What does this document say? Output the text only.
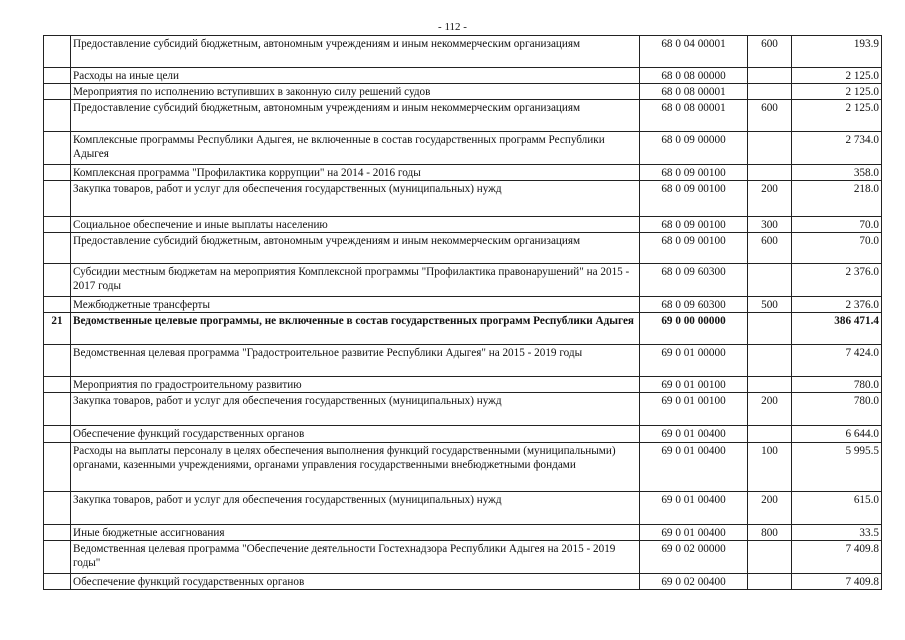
- 112 -
	Предоставление субсидий бюджетным, автономным учреждениям и иным некоммерческим организациям	68 0 04 00001	600	193.9
	Расходы на иные цели	68 0 08 00000		2 125.0
	Мероприятия по исполнению вступивших в законную силу решений судов	68 0 08 00001		2 125.0
	Предоставление субсидий бюджетным, автономным учреждениям и иным некоммерческим организациям	68 0 08 00001	600	2 125.0
	Комплексные программы Республики Адыгея, не включенные в состав государственных программ Республики Адыгея	68 0 09 00000		2 734.0
	Комплексная программа "Профилактика коррупции" на 2014 - 2016 годы	68 0 09 00100		358.0
	Закупка товаров, работ и услуг для обеспечения государственных (муниципальных) нужд	68 0 09 00100	200	218.0
	Социальное обеспечение и иные выплаты населению	68 0 09 00100	300	70.0
	Предоставление субсидий бюджетным, автономным учреждениям и иным некоммерческим организациям	68 0 09 00100	600	70.0
	Субсидии местным бюджетам на мероприятия Комплексной программы "Профилактика правонарушений" на 2015 - 2017 годы	68 0 09 60300		2 376.0
	Межбюджетные трансферты	68 0 09 60300	500	2 376.0
21	Ведомственные целевые программы, не включенные в состав государственных программ Республики Адыгея	69 0 00 00000		386 471.4
	Ведомственная целевая программа "Градостроительное развитие Республики Адыгея" на 2015 - 2019 годы	69 0 01 00000		7 424.0
	Мероприятия по градостроительному развитию	69 0 01 00100		780.0
	Закупка товаров, работ и услуг для обеспечения государственных (муниципальных) нужд	69 0 01 00100	200	780.0
	Обеспечение функций государственных органов	69 0 01 00400		6 644.0
	Расходы на выплаты персоналу в целях обеспечения выполнения функций государственными (муниципальными) органами, казенными учреждениями, органами управления государственными внебюджетными фондами	69 0 01 00400	100	5 995.5
	Закупка товаров, работ и услуг для обеспечения государственных (муниципальных) нужд	69 0 01 00400	200	615.0
	Иные бюджетные ассигнования	69 0 01 00400	800	33.5
	Ведомственная целевая программа "Обеспечение деятельности Гостехнадзора Республики Адыгея на 2015 - 2019 годы"	69 0 02 00000		7 409.8
	Обеспечение функций государственных органов	69 0 02 00400		7 409.8
